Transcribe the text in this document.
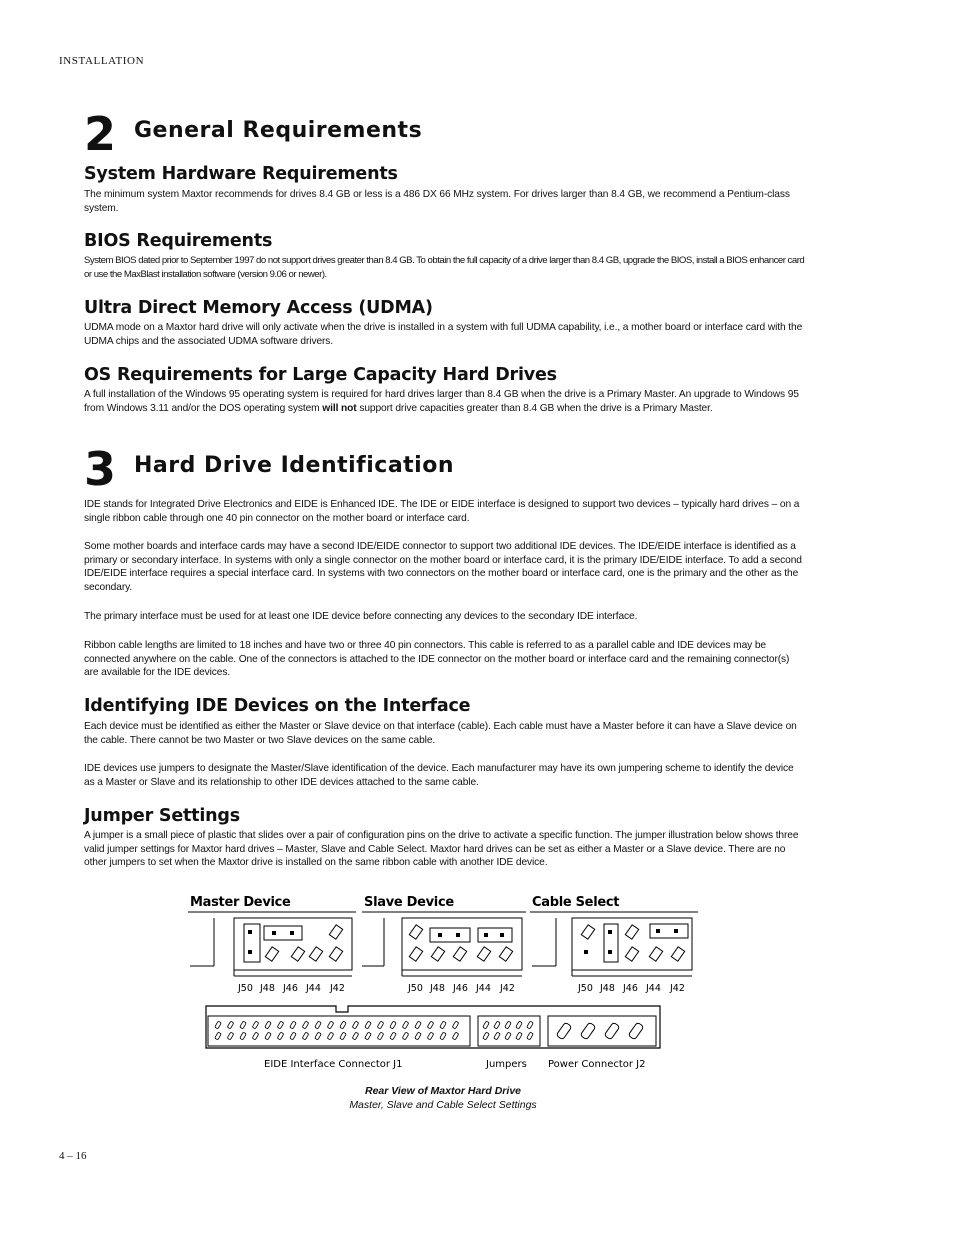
INSTALLATION
2 General Requirements
System Hardware Requirements
The minimum system Maxtor recommends for drives 8.4 GB or less is a 486 DX 66 MHz system. For drives larger than 8.4 GB, we recommend a Pentium-class system.
BIOS Requirements
System BIOS dated prior to September 1997 do not support drives greater than 8.4 GB. To obtain the full capacity of a drive larger than 8.4 GB, upgrade the BIOS, install a BIOS enhancer card or use the MaxBlast installation software (version 9.06 or newer).
Ultra Direct Memory Access (UDMA)
UDMA mode on a Maxtor hard drive will only activate when the drive is installed in a system with full UDMA capability, i.e., a mother board or interface card with the UDMA chips and the associated UDMA software drivers.
OS Requirements for Large Capacity Hard Drives
A full installation of the Windows 95 operating system is required for hard drives larger than 8.4 GB when the drive is a Primary Master. An upgrade to Windows 95 from Windows 3.11 and/or the DOS operating system will not support drive capacities greater than 8.4 GB when the drive is a Primary Master.
3 Hard Drive Identification
IDE stands for Integrated Drive Electronics and EIDE is Enhanced IDE. The IDE or EIDE interface is designed to support two devices – typically hard drives – on a single ribbon cable through one 40 pin connector on the mother board or interface card.
Some mother boards and interface cards may have a second IDE/EIDE connector to support two additional IDE devices. The IDE/EIDE interface is identified as a primary or secondary interface. In systems with only a single connector on the mother board or interface card, it is the primary IDE/EIDE interface. To add a second IDE/EIDE interface requires a special interface card. In systems with two connectors on the mother board or interface card, one is the primary and the other as the secondary.
The primary interface must be used for at least one IDE device before connecting any devices to the secondary IDE interface.
Ribbon cable lengths are limited to 18 inches and have two or three 40 pin connectors. This cable is referred to as a parallel cable and IDE devices may be connected anywhere on the cable. One of the connectors is attached to the IDE connector on the mother board or interface card and the remaining connector(s) are available for the IDE devices.
Identifying IDE Devices on the Interface
Each device must be identified as either the Master or Slave device on that interface (cable). Each cable must have a Master before it can have a Slave device on the cable. There cannot be two Master or two Slave devices on the same cable.
IDE devices use jumpers to designate the Master/Slave identification of the device. Each manufacturer may have its own jumpering scheme to identify the device as a Master or Slave and its relationship to other IDE devices attached to the same cable.
Jumper Settings
A jumper is a small piece of plastic that slides over a pair of configuration pins on the drive to activate a specific function. The jumper illustration below shows three valid jumper settings for Maxtor hard drives – Master, Slave and Cable Select. Maxtor hard drives can be set as either a Master or a Slave device. There are no other jumpers to set when the Maxtor drive is installed on the same ribbon cable with another IDE device.
Master Device	Slave Device	Cable Select
J50 J48 J46 J44 J42	J50 J48 J46 J44 J42	J50 J48 J46 J44 J42
EIDE Interface Connector J1	Jumpers Power Connector J2
Rear View of Maxtor Hard Drive
Master, Slave and Cable Select Settings
4 – 16
